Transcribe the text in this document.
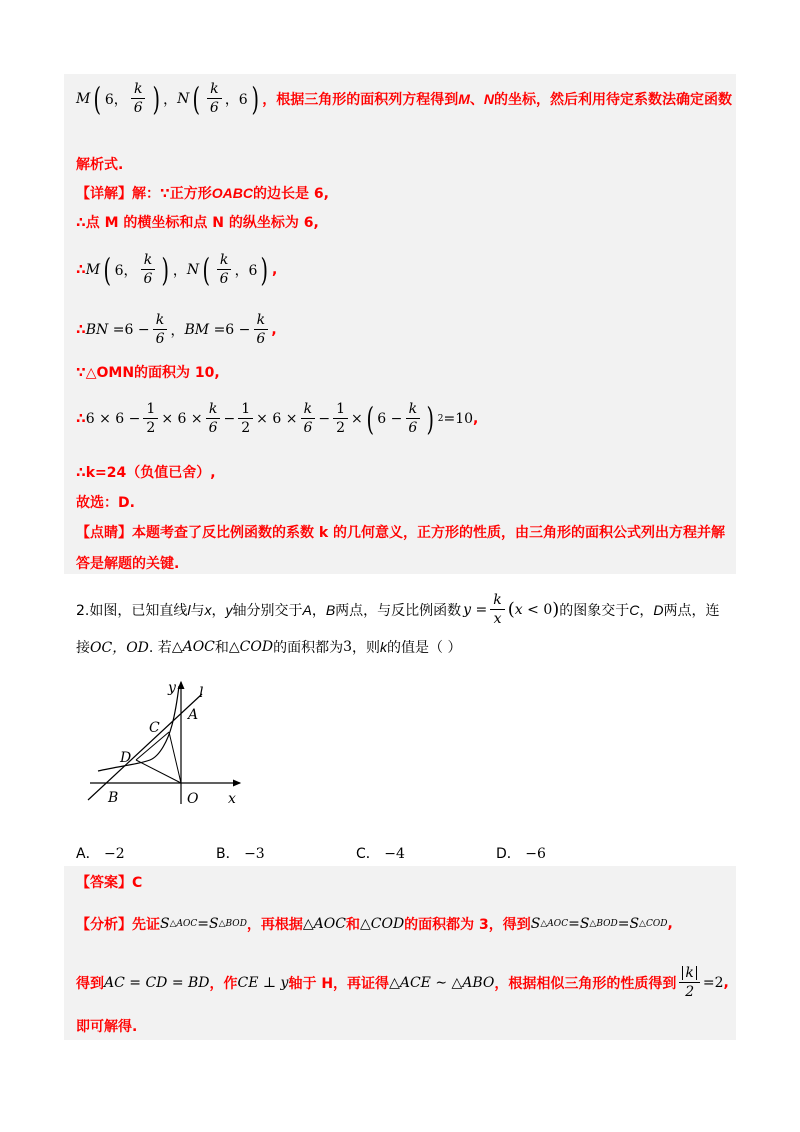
M ( 6， $\frac{k}{6}$ ) ， N ( $\frac{k}{6}$ ，6 ) ，根据三角形的面积列方程得到 M 、 N 的坐标，然后利用待定系数法确定函数
解析式.
【详解】解：∵正方形 OABC 的边长是 6,
∴点 M 的横坐标和点 N 的纵坐标为 6,
∴ M ( 6， $\frac{k}{6}$ ) ， N ( $\frac{k}{6}$ ，6 ) ,
∴ BN $=6 - \frac{k}{6}$ ， BM $=6 - \frac{k}{6}$ ,
∵△OMN的面积为 10,
∴ $6 \times 6 - \frac{1}{2} \times 6 \times \frac{k}{6} - \frac{1}{2} \times 6 \times \frac{k}{6} - \frac{1}{2}$ × ( $6 - \frac{k}{6}$ ) 2 =10 ,
∴k=24（负值已舍）,
故选：D.
【点睛】本题考查了反比例函数的系数 k 的几何意义，正方形的性质，由三角形的面积公式列出方程并解
答是解题的关键.
2.如图，已知直线 l 与 x ， y 轴分别交于 A ， B 两点，与反比例函数 $y = \frac{k}{x}$ ( x < 0 ) 的图象交于 C ， D 两点，连
接 OC，OD . 若 △AOC 和 △COD 的面积都为 3 ，则 k 的值是（ ）
y l
A
C
D
B	O x
A． −2	B． −3	C． −4	D． −6
【答案】C
【分析】先证 S △AOC = S △BOD ，再根据 △AOC 和 △COD 的面积都为 3，得到 S △AOC = S △BOD = S △COD ,
得到 AC = CD = BD ，作 CE ⊥ y 轴于 H，再证得 △ACE ∼ △ABO ，根据相似三角形的性质得到 $\frac{k}{2} =2$ ,
即可解得.
